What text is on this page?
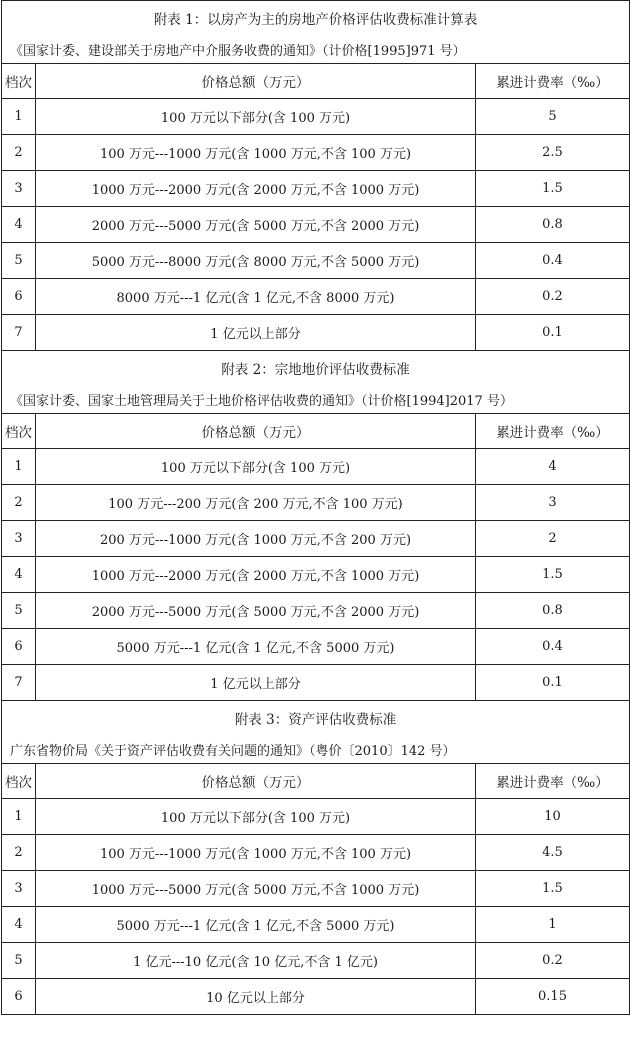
附表 1：以房产为主的房地产价格评估收费标准计算表		
《国家计委、建设部关于房地产中介服务收费的通知》（计价格[1995]971 号）		
档次	价格总额（万元）	累进计费率（‰）
1	100 万元以下部分(含 100 万元)	5
2	100 万元---1000 万元(含 1000 万元,不含 100 万元)	2.5
3	1000 万元---2000 万元(含 2000 万元,不含 1000 万元)	1.5
4	2000 万元---5000 万元(含 5000 万元,不含 2000 万元)	0.8
5	5000 万元---8000 万元(含 8000 万元,不含 5000 万元)	0.4
6	8000 万元---1 亿元(含 1 亿元,不含 8000 万元)	0.2
7	1 亿元以上部分	0.1
附表 2：宗地地价评估收费标准		
《国家计委、国家土地管理局关于土地价格评估收费的通知》（计价格[1994]2017 号）		
档次	价格总额（万元）	累进计费率（‰）
1	100 万元以下部分(含 100 万元)	4
2	100 万元---200 万元(含 200 万元,不含 100 万元)	3
3	200 万元---1000 万元(含 1000 万元,不含 200 万元)	2
4	1000 万元---2000 万元(含 2000 万元,不含 1000 万元)	1.5
5	2000 万元---5000 万元(含 5000 万元,不含 2000 万元)	0.8
6	5000 万元---1 亿元(含 1 亿元,不含 5000 万元)	0.4
7	1 亿元以上部分	0.1
附表 3：资产评估收费标准		
广东省物价局《关于资产评估收费有关问题的通知》（粤价〔2010〕142 号）		
档次	价格总额（万元）	累进计费率（‰）
1	100 万元以下部分(含 100 万元)	10
2	100 万元---1000 万元(含 1000 万元,不含 100 万元)	4.5
3	1000 万元---5000 万元(含 5000 万元,不含 1000 万元)	1.5
4	5000 万元---1 亿元(含 1 亿元,不含 5000 万元)	1
5	1 亿元---10 亿元(含 10 亿元,不含 1 亿元)	0.2
6	10 亿元以上部分	0.15
